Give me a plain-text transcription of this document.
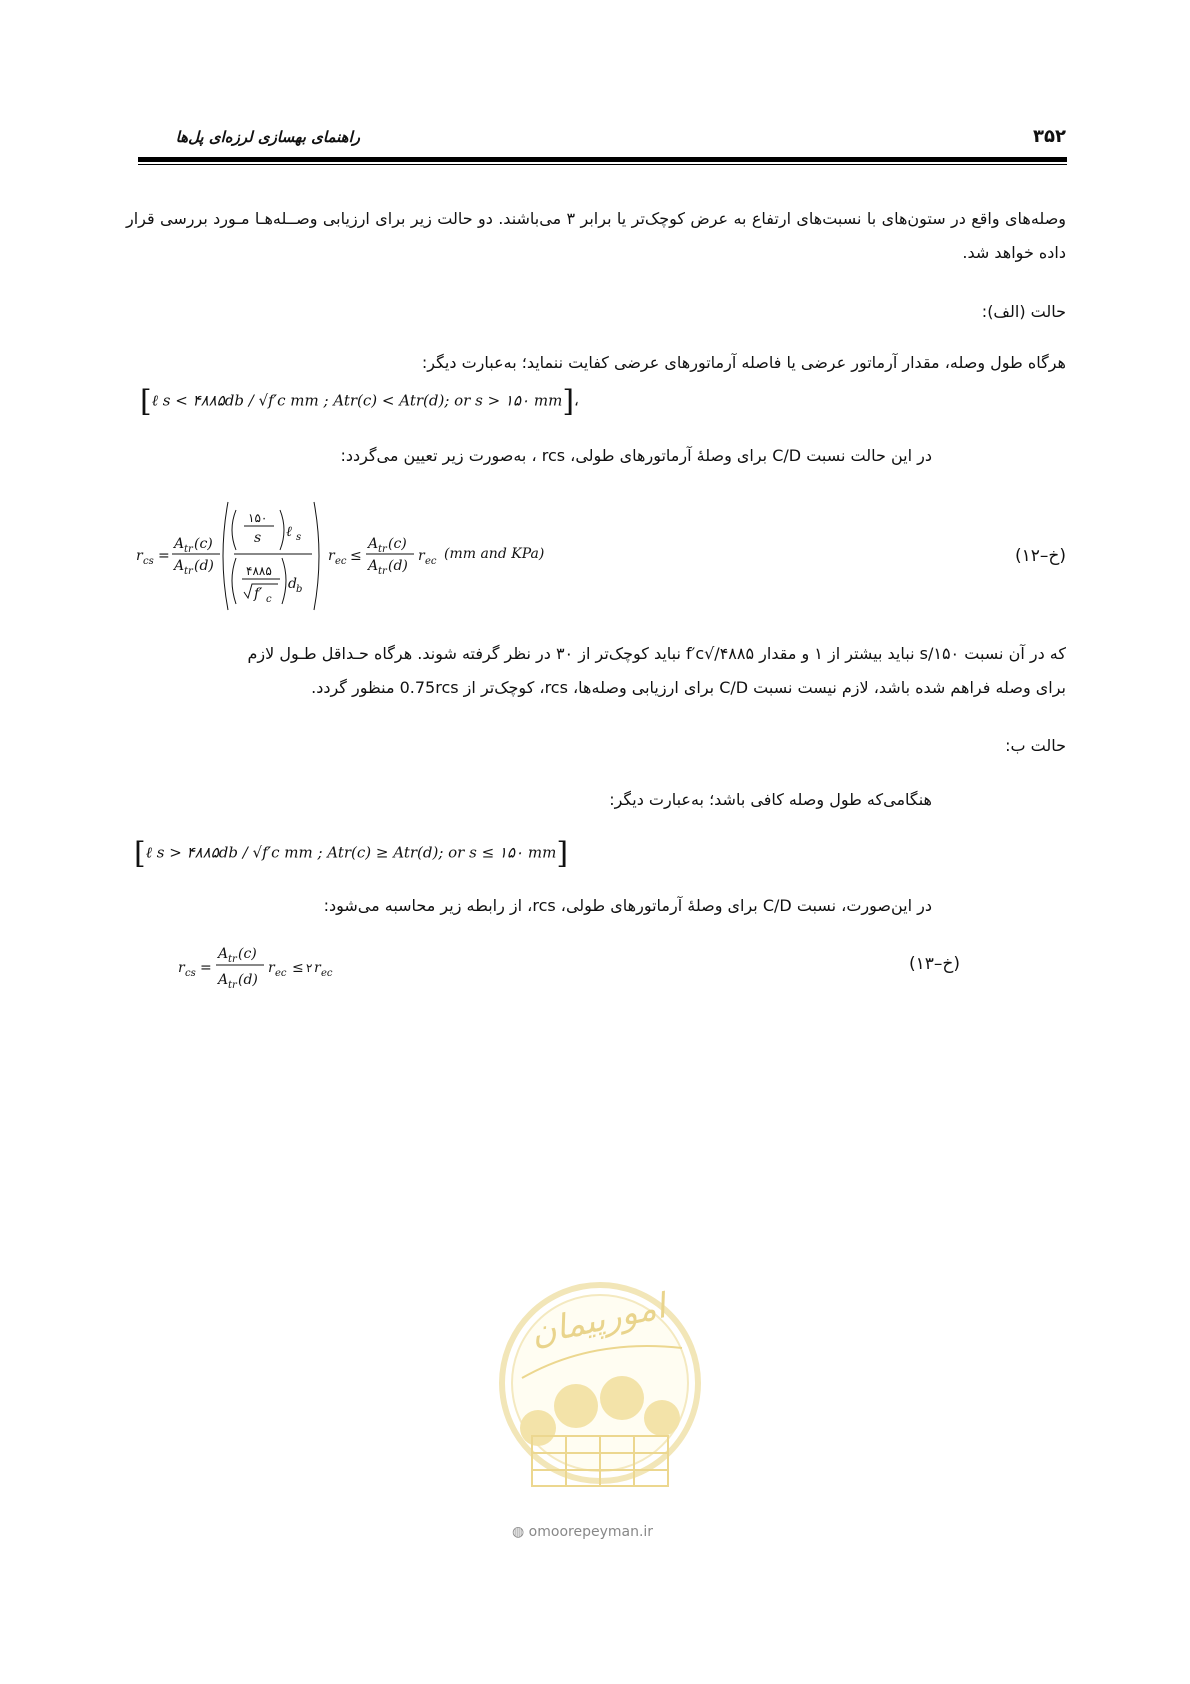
راهنمای بهسازی لرزه‌ای پل‌ها	۳۵۲
وصله‌های واقع در ستون‌های با نسبت‌های ارتفاع به عرض کوچک‌تر یا برابر ۳ می‌باشند. دو حالت زیر برای ارزیابی وصــله‌هـا مـورد بررسی قرار داده خواهد شد.
حالت (الف):
هرگاه طول وصله، مقدار آرماتور عرضی یا فاصله آرماتورهای عرضی کفایت ننماید؛ به‌عبارت دیگر:
[ℓ s < ۴۸۸۵db / √f′c mm ; Atr(c) < Atr(d); or s > ۱۵۰ mm]،
در این حالت نسبت C/D برای وصلهٔ آرماتورهای طولی، rcs ، به‌صورت زیر تعیین می‌گردد:
r cs =
A tr (c)
A tr (d)
۱۵۰
s ℓ s
۴۸۸۵
f′ c
d b
r ec ≤
A tr (c)
A tr (d)
r ec (mm and KPa)	(خ–۱۲)
که در آن نسبت ۱۵۰/s نباید بیشتر از ۱ و مقدار ۴۸۸۵/√f′c نباید کوچک‌تر از ۳۰ در نظر گرفته شوند. هرگاه حـداقل طـول لازم
برای وصله فراهم شده باشد، لازم نیست نسبت C/D برای ارزیابی وصله‌ها، rcs، کوچک‌تر از 0.75rcs منظور گردد.
حالت ب:
هنگامی‌که طول وصله کافی باشد؛ به‌عبارت دیگر:
[ℓ s > ۴۸۸۵db / √f′c mm ; Atr(c) ≥ Atr(d); or s ≤ ۱۵۰ mm]
در این‌صورت، نسبت C/D برای وصلهٔ آرماتورهای طولی، rcs، از رابطه زیر محاسبه می‌شود:
r cs =
A tr (c)
A tr (d)
r ec ≤ ۲ r ec	(خ–۱۳)
امورپیمان
◍ omoorepeyman.ir
